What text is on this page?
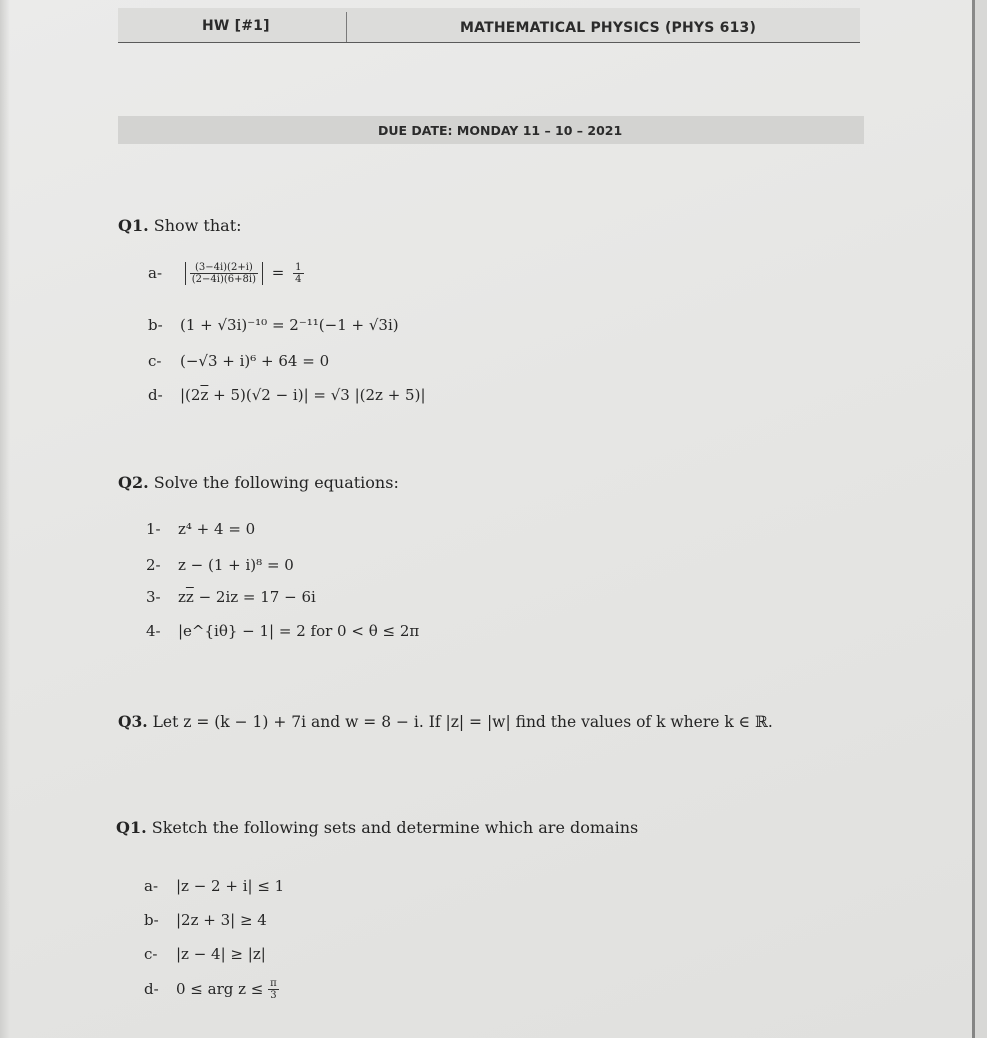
HW [#1]	MATHEMATICAL PHYSICS (PHYS 613)
DUE DATE: MONDAY 11 – 10 – 2021
Q1. Show that:
a-	$\frac{(3-4i)(2+i)}{(2-4i)(6+8i)} = \frac{1}{4}$
b- (1 + √3i)⁻¹⁰ = 2⁻¹¹(−1 + √3i)
c- (−√3 + i)⁶ + 64 = 0
d- $|(2\overline{z} + 5)(√2 - i)| = √3$ |(2z + 5)|
Q2. Solve the following equations:
1- z⁴ + 4 = 0
2- z − (1 + i)⁸ = 0
3- $z\overline{z} - 2iz = 17 - 6i$
4- |e^{iθ} − 1| = 2 for 0 < θ ≤ 2π
Q3. Let z = (k − 1) + 7i and w = 8 − i. If |z| = |w| find the values of k where k ∈ ℝ.
Q1. Sketch the following sets and determine which are domains
a- |z − 2 + i| ≤ 1
b- |2z + 3| ≥ 4
c- |z − 4| ≥ |z|
d- 0 ≤ arg $z \le \frac{\pi}{3}$
